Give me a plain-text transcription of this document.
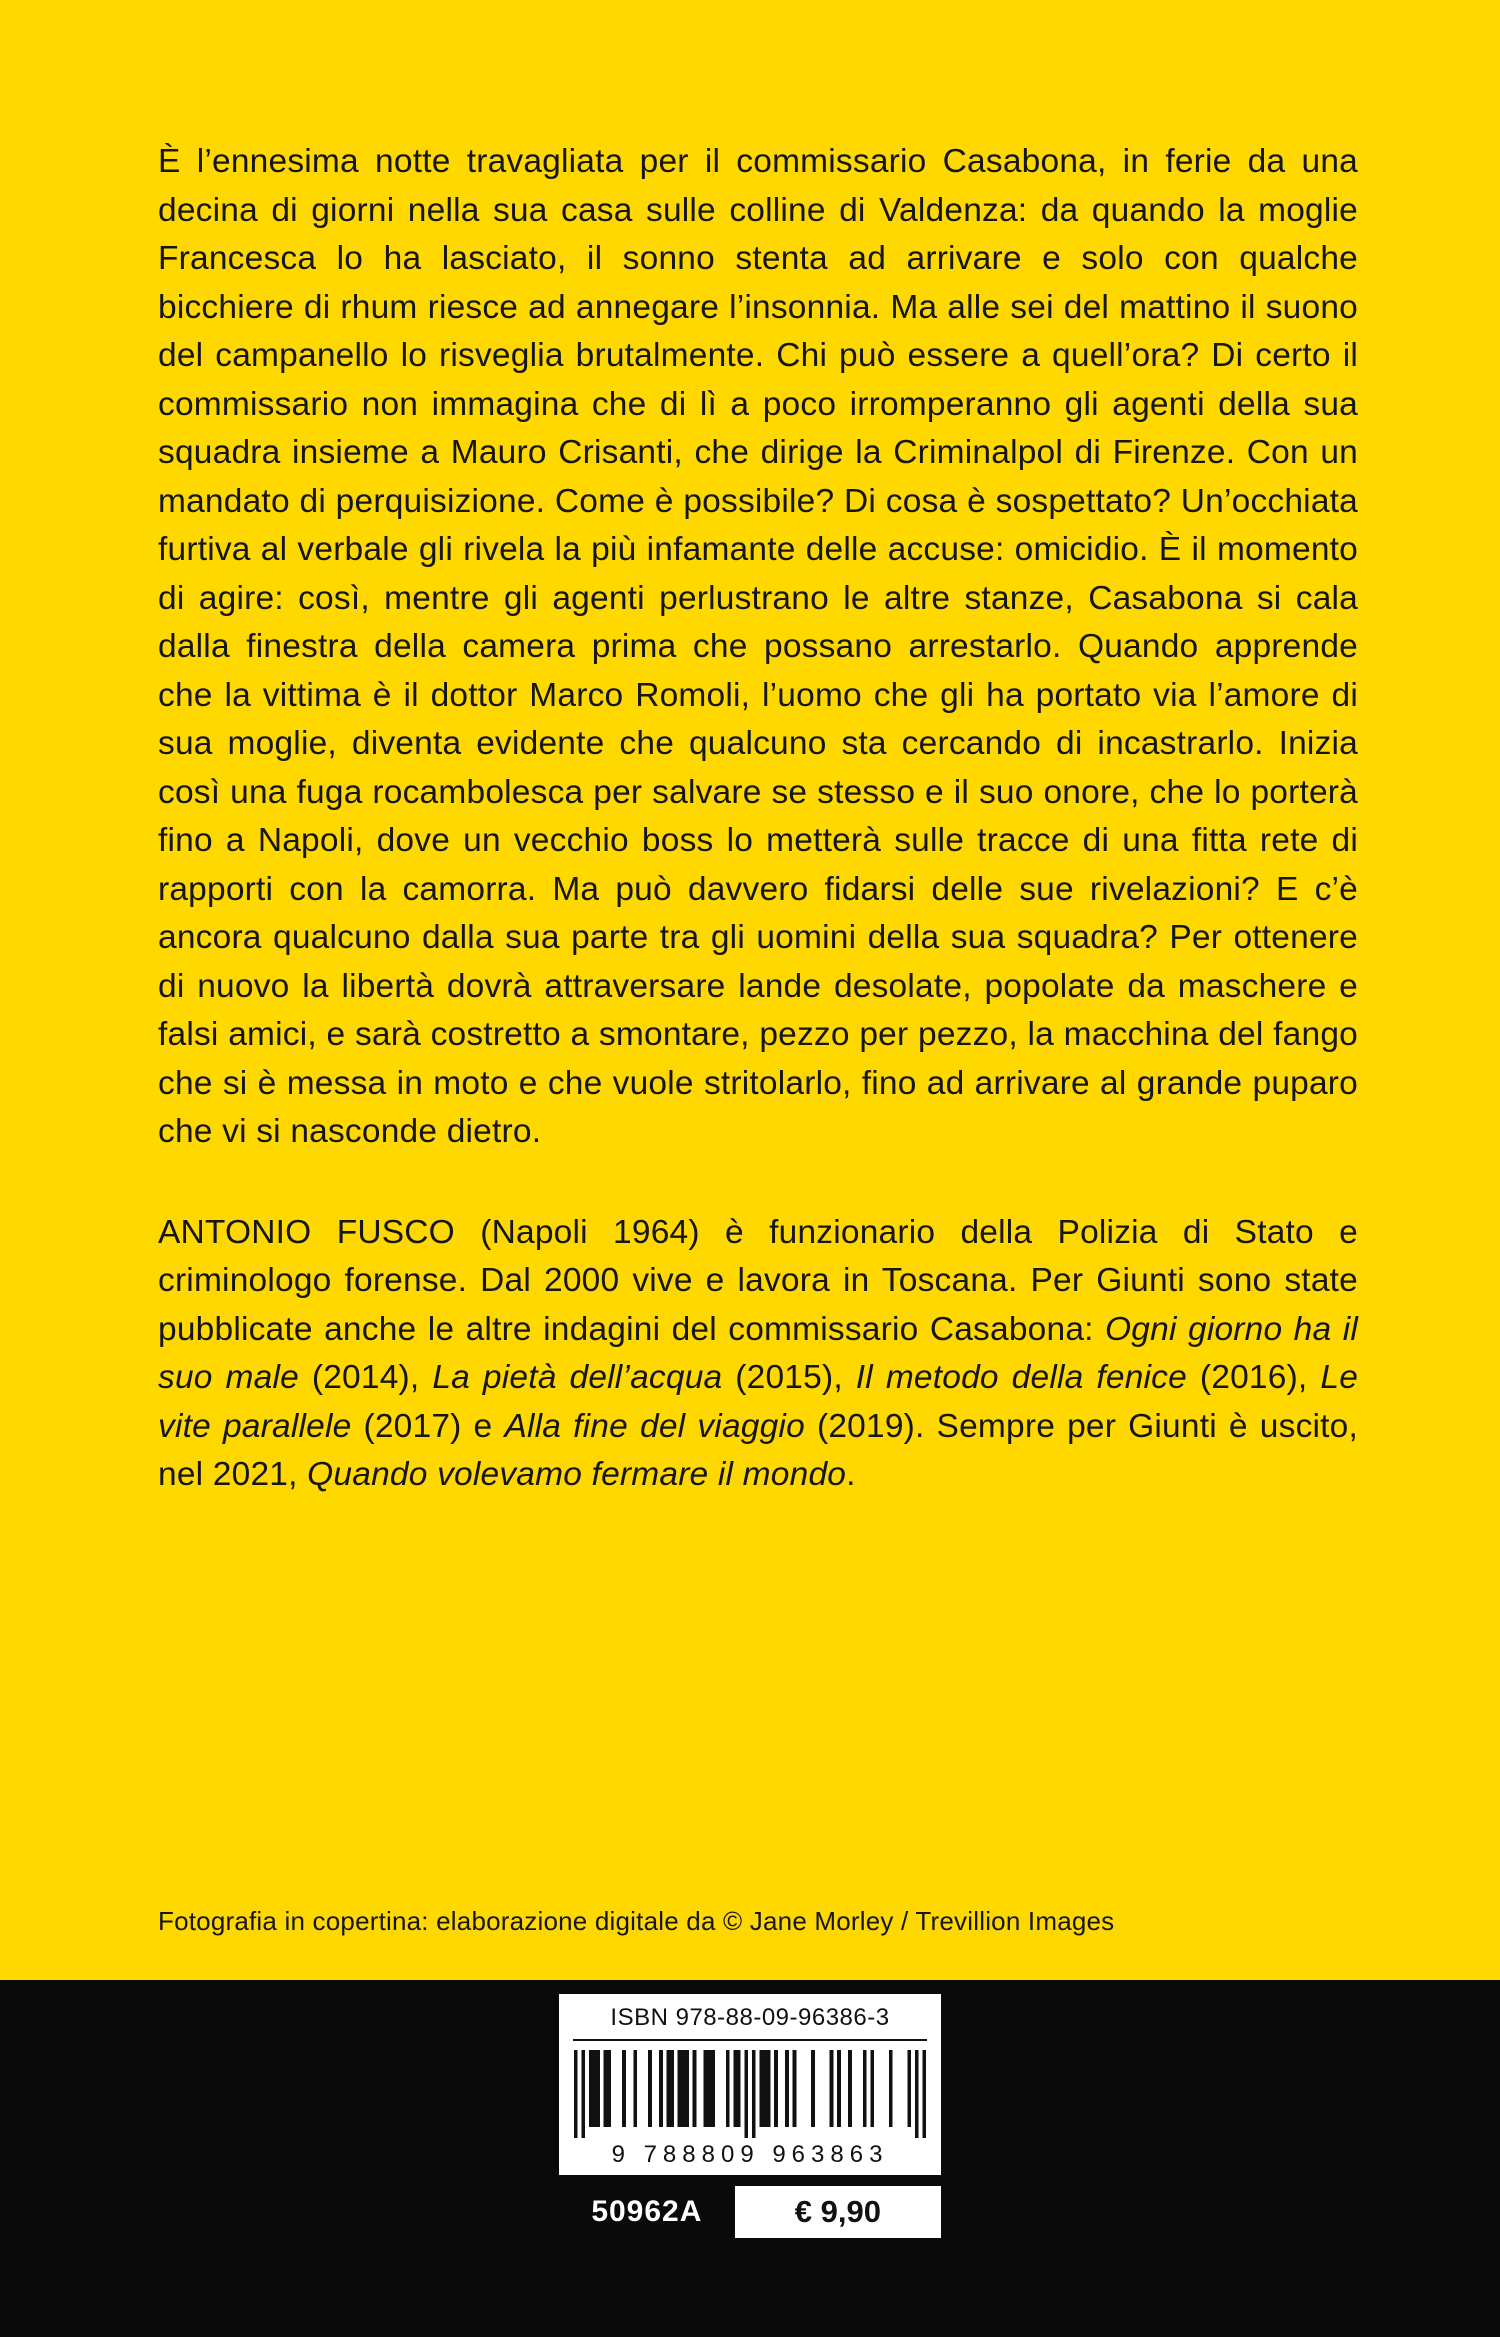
È l’ennesima notte travagliata per il commissario Casabona, in ferie da una decina di giorni nella sua casa sulle colline di Valdenza: da quando la moglie Francesca lo ha lasciato, il sonno stenta ad arrivare e solo con qualche bicchiere di rhum riesce ad annegare l’insonnia. Ma alle sei del mattino il suono del campanello lo risveglia brutalmente. Chi può essere a quell’ora? Di certo il commissario non immagina che di lì a poco irromperanno gli agenti della sua squadra insieme a Mauro Crisanti, che dirige la Criminalpol di Firenze. Con un mandato di perquisizione. Come è possibile? Di cosa è sospettato? Un’occhiata furtiva al verbale gli rivela la più infamante delle accuse: omicidio. È il momento di agire: così, mentre gli agenti perlustrano le altre stanze, Casabona si cala dalla finestra della camera prima che possano arrestarlo. Quando apprende che la vittima è il dottor Marco Romoli, l’uomo che gli ha portato via l’amore di sua moglie, diventa evidente che qualcuno sta cercando di incastrarlo. Inizia così una fuga rocambolesca per salvare se stesso e il suo onore, che lo porterà fino a Napoli, dove un vecchio boss lo metterà sulle tracce di una fitta rete di rapporti con la camorra. Ma può davvero fidarsi delle sue rivelazioni? E c’è ancora qualcuno dalla sua parte tra gli uomini della sua squadra? Per ottenere di nuovo la libertà dovrà attraversare lande desolate, popolate da maschere e falsi amici, e sarà costretto a smontare, pezzo per pezzo, la macchina del fango che si è messa in moto e che vuole stritolarlo, fino ad arrivare al grande puparo che vi si nasconde dietro.

ANTONIO FUSCO (Napoli 1964) è funzionario della Polizia di Stato e criminologo forense. Dal 2000 vive e lavora in Toscana. Per Giunti sono state pubblicate anche le altre indagini del commissario Casabona: Ogni giorno ha il suo male (2014), La pietà dell’acqua (2015), Il metodo della fenice (2016), Le vite parallele (2017) e Alla fine del viaggio (2019). Sempre per Giunti è uscito, nel 2021, Quando volevamo fermare il mondo.

Fotografia in copertina: elaborazione digitale da © Jane Morley / Trevillion Images
ISBN 978-88-09-96386-3
9 788809 963863
50962A	€ 9,90
